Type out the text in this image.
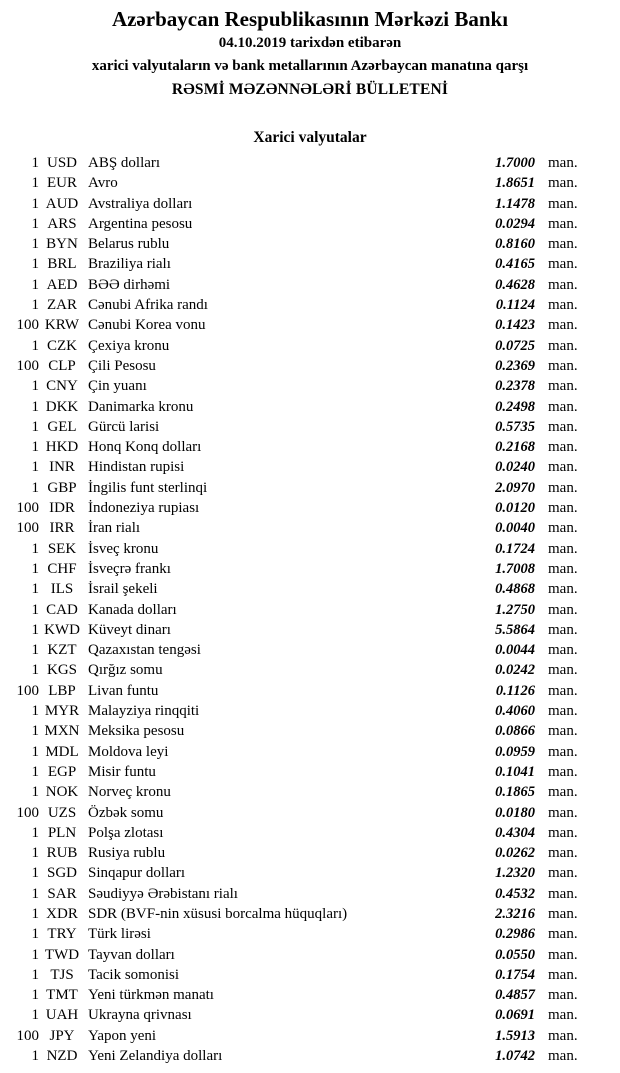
Azərbaycan Respublikasının Mərkəzi Bankı
04.10.2019 tarixdən etibarən
xarici valyutaların və bank metallarının Azərbaycan manatına qarşı
RƏSMİ MƏZƏNNƏLƏRİ BÜLLETENİ
Xarici valyutalar
1 USD ABŞ dolları	1.7000 man.
1 EUR Avro	1.8651 man.
1 AUD Avstraliya dolları	1.1478 man.
1 ARS Argentina pesosu	0.0294 man.
1 BYN Belarus rublu	0.8160 man.
1 BRL Braziliya rialı	0.4165 man.
1 AED BƏƏ dirhəmi	0.4628 man.
1 ZAR Cənubi Afrika randı	0.1124 man.
100 KRW Cənubi Korea vonu	0.1423 man.
1 CZK Çexiya kronu	0.0725 man.
100 CLP Çili Pesosu	0.2369 man.
1 CNY Çin yuanı	0.2378 man.
1 DKK Danimarka kronu	0.2498 man.
1 GEL Gürcü larisi	0.5735 man.
1 HKD Honq Konq dolları	0.2168 man.
1 INR Hindistan rupisi	0.0240 man.
1 GBP İngilis funt sterlinqi	2.0970 man.
100 IDR İndoneziya rupiası	0.0120 man.
100 IRR İran rialı	0.0040 man.
1 SEK İsveç kronu	0.1724 man.
1 CHF İsveçrə frankı	1.7008 man.
1 ILS İsrail şekeli	0.4868 man.
1 CAD Kanada dolları	1.2750 man.
1 KWD Küveyt dinarı	5.5864 man.
1 KZT Qazaxıstan tengəsi	0.0044 man.
1 KGS Qırğız somu	0.0242 man.
100 LBP Livan funtu	0.1126 man.
1 MYR Malayziya rinqqiti	0.4060 man.
1 MXN Meksika pesosu	0.0866 man.
1 MDL Moldova leyi	0.0959 man.
1 EGP Misir funtu	0.1041 man.
1 NOK Norveç kronu	0.1865 man.
100 UZS Özbək somu	0.0180 man.
1 PLN Polşa zlotası	0.4304 man.
1 RUB Rusiya rublu	0.0262 man.
1 SGD Sinqapur dolları	1.2320 man.
1 SAR Səudiyyə Ərəbistanı rialı	0.4532 man.
1 XDR SDR (BVF-nin xüsusi borcalma hüquqları)	2.3216 man.
1 TRY Türk lirəsi	0.2986 man.
1 TWD Tayvan dolları	0.0550 man.
1 TJS Tacik somonisi	0.1754 man.
1 TMT Yeni türkmən manatı	0.4857 man.
1 UAH Ukrayna qrivnası	0.0691 man.
100 JPY Yapon yeni	1.5913 man.
1 NZD Yeni Zelandiya dolları	1.0742 man.
